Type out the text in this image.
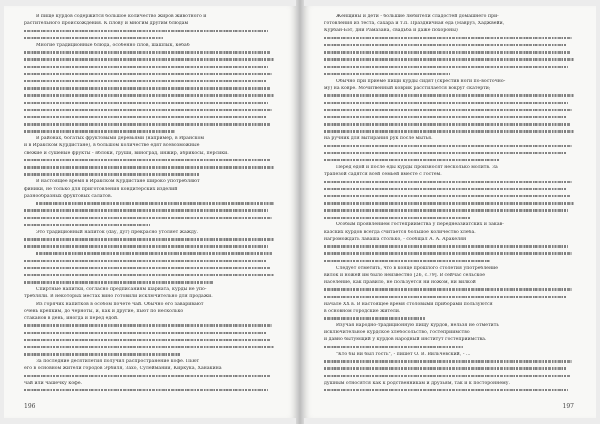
В пище курдов содержится большое количество жиров животного и
растительного происхождения. К плову и многим другим блюдам
Многие традиционные блюда, особенно плов, шашлык, кебаб
В районах, богатых фруктовыми деревьями (например, в Иранском
и в Иракском Курдистане), в большом количестве едят всевозможные
свежие и сушеные фрукты - яблоки, груши, виноград, инжир, абрикосы, персики.
В настоящее время в Иракском Курдистане широко употребляют
финики, не только для приготовления кондитерских изделий
разнообразных фруктовых салатов.
Это традиционный напиток (dау, дуг) прекрасно утоляет жажду.
Спиртные напитки, согласно предписаниям шариата, курды не упо-
требляли. В некоторых местах вино готовили исключительно для продажи.
Из горячих напитков в особом почете чай. Обычно его заваривают
очень крепким, до черноты, и, как и другие, пьют по несколько
стаканов в день, иногда и перед едой.
За последние десятилетия получил распространение кофе. Пьют
его в основном жители городов Эрбиля, Захо, Сулеймании, Киркука, Ханакина
чай или чашечку кофе.
196
Женщины и дети - большие любители сладостей домашнего при-
готовления из теста, сахара и т.п. Праздничная еда (Навруз, Хаджвейи,
Курбан-Бэт, дни Рамазана, свадьба и даже похороны)
Обычно при приеме пищи курды сидят (скрестив ноги по-восточно-
му) на ковре. Мочитвенный коврик расстилается вокруг скатерти;
на ручник для вытирания рук после мытья.
Перед едой и после еды курды произносят несколько молитв. За
трапезой садятся всей семьей вместе с гостем.
Особым проявлением гостеприимства у переднеазиатских и закав-
казских курдов всегда считается большое количество хлеба.
нагромождать лаваша столько, - сообщал А. А. Аракелян
Следует отметить, что в конце прошлого столетия употребление
вилок и ножей им было неизвестно [26, с.79]. В сейчас сельское
население, как правило, не пользуется ни ножом, ни вилкой
начале XX в. В настоящее время столовыми приборами пользуются
в основном городские жители.
Изучая народно-традиционную пищу курдов, нельзя не отметить
исключительное курдское хлебосольство, гостеприимство
и давно бытующий у курдов народный институт гостеприимства.
"Кто бы ни был гость", - пишет О. В. Вильчевский, - ...
душным относятся как к родственникам и друзьям, так и к постороннему.
197
